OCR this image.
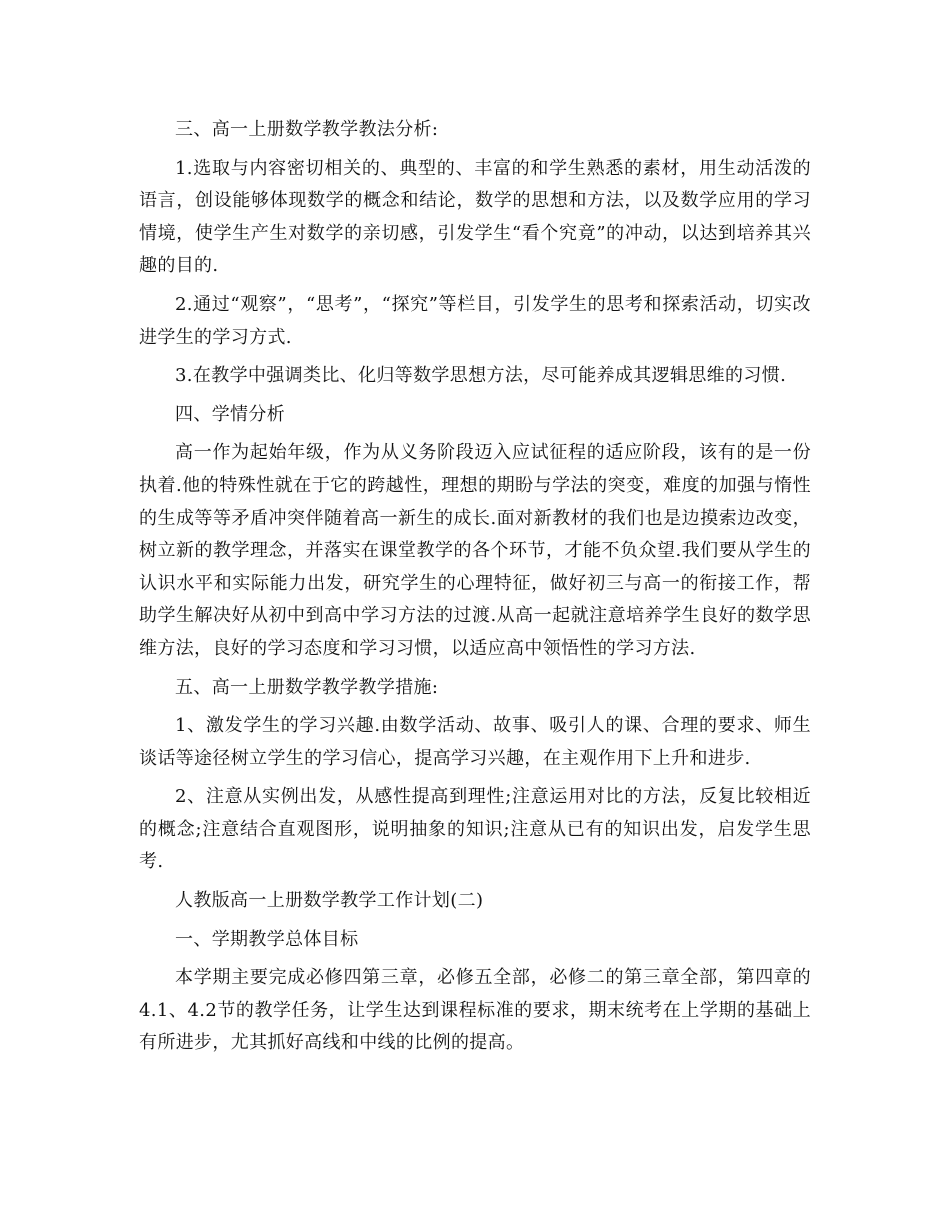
三、高一上册数学教学教法分析:

1.选取与内容密切相关的、典型的、丰富的和学生熟悉的素材，用生动活泼的语言，创设能够体现数学的概念和结论，数学的思想和方法，以及数学应用的学习情境，使学生产生对数学的亲切感，引发学生“看个究竟”的冲动，以达到培养其兴趣的目的.

2.通过“观察”，“思考”，“探究”等栏目，引发学生的思考和探索活动，切实改进学生的学习方式.

3.在教学中强调类比、化归等数学思想方法，尽可能养成其逻辑思维的习惯.

四、学情分析

高一作为起始年级，作为从义务阶段迈入应试征程的适应阶段，该有的是一份执着.他的特殊性就在于它的跨越性，理想的期盼与学法的突变，难度的加强与惰性的生成等等矛盾冲突伴随着高一新生的成长.面对新教材的我们也是边摸索边改变，树立新的教学理念，并落实在课堂教学的各个环节，才能不负众望.我们要从学生的认识水平和实际能力出发，研究学生的心理特征，做好初三与高一的衔接工作，帮助学生解决好从初中到高中学习方法的过渡.从高一起就注意培养学生良好的数学思维方法，良好的学习态度和学习习惯，以适应高中领悟性的学习方法.

五、高一上册数学教学教学措施:

1、激发学生的学习兴趣.由数学活动、故事、吸引人的课、合理的要求、师生谈话等途径树立学生的学习信心，提高学习兴趣，在主观作用下上升和进步.

2、注意从实例出发，从感性提高到理性;注意运用对比的方法，反复比较相近的概念;注意结合直观图形，说明抽象的知识;注意从已有的知识出发，启发学生思考.

人教版高一上册数学教学工作计划(二)

一、学期教学总体目标

本学期主要完成必修四第三章，必修五全部，必修二的第三章全部，第四章的4.1、4.2节的教学任务，让学生达到课程标准的要求，期末统考在上学期的基础上有所进步，尤其抓好高线和中线的比例的提高。
